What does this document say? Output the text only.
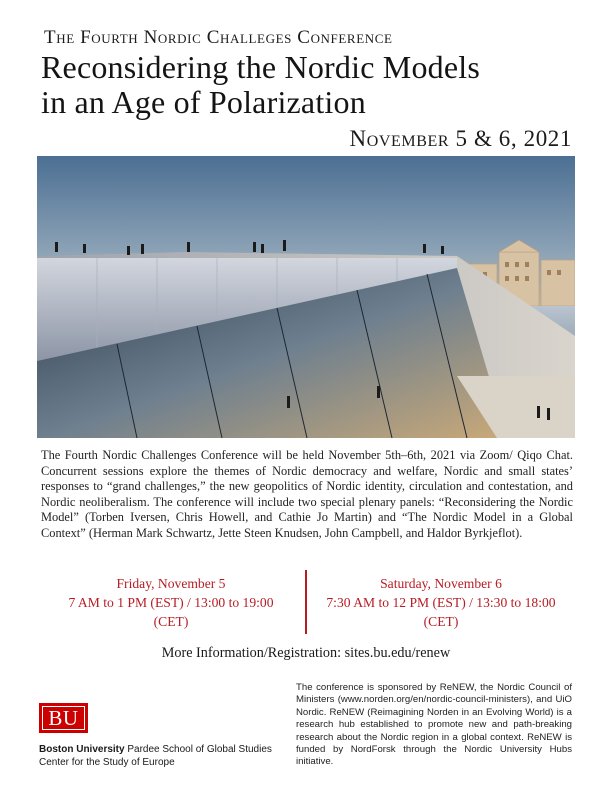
The Fourth Nordic Challeges Conference
Reconsidering the Nordic Models
in an Age of Polarization
November 5 & 6, 2021
The Fourth Nordic Challenges Conference will be held November 5th–6th, 2021 via Zoom/ Qiqo Chat. Concurrent sessions explore the themes of Nordic democracy and welfare, Nordic and small states’ responses to “grand challenges,” the new geopolitics of Nordic identity, circulation and contestation, and Nordic neoliberalism. The conference will include two special plenary panels: “Reconsidering the Nordic Model” (Torben Iversen, Chris Howell, and Cathie Jo Martin) and “The Nordic Model in a Global Context” (Herman Mark Schwartz, Jette Steen Knudsen, John Campbell, and Haldor Byrkjeflot).
Friday, November 5
7 AM to 1 PM (EST) / 13:00 to 19:00
(CET)
Saturday, November 6
7:30 AM to 12 PM (EST) / 13:30 to 18:00
(CET)
More Information/Registration: sites.bu.edu/renew
BU
Boston University Pardee School of Global Studies
Center for the Study of Europe
The conference is sponsored by ReNEW, the Nordic Council of Ministers (www.norden.org/en/nordic-council-ministers), and UiO Nordic. ReNEW (Reimagining Norden in an Evolving World) is a research hub established to promote new and path-breaking research about the Nordic region in a global context. ReNEW is funded by NordForsk through the Nordic University Hubs initiative.
